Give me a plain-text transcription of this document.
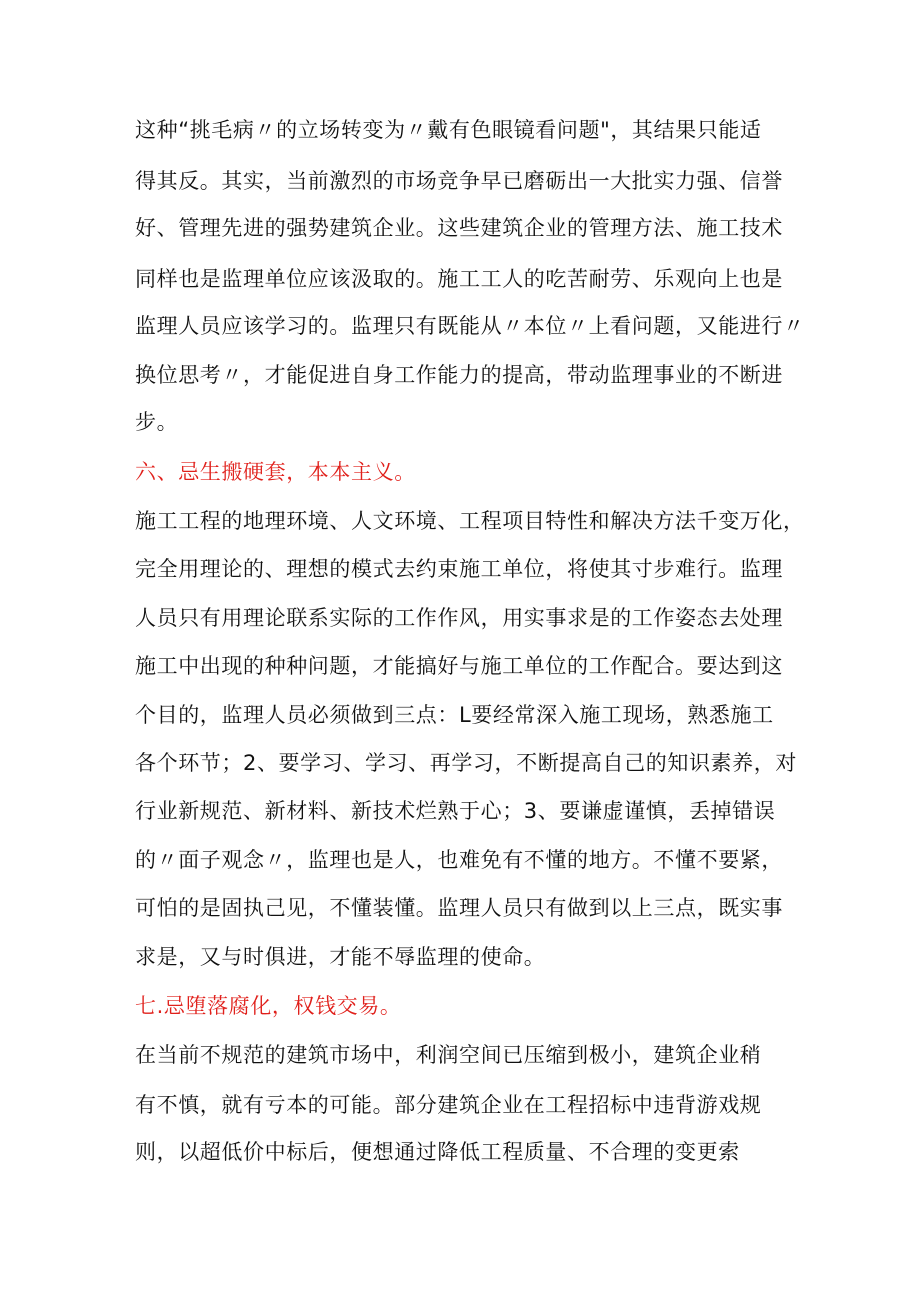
这种“挑毛病〃的立场转变为〃戴有色眼镜看问题"，其结果只能适
得其反。其实，当前激烈的市场竞争早已磨砺出一大批实力强、信誉
好、管理先进的强势建筑企业。这些建筑企业的管理方法、施工技术
同样也是监理单位应该汲取的。施工工人的吃苦耐劳、乐观向上也是
监理人员应该学习的。监理只有既能从〃本位〃上看问题，又能进行〃
换位思考〃，才能促进自身工作能力的提高，带动监理事业的不断进
步。
六、忌生搬硬套，本本主义。
施工工程的地理环境、人文环境、工程项目特性和解决方法千变万化，
完全用理论的、理想的模式去约束施工单位，将使其寸步难行。监理
人员只有用理论联系实际的工作作风，用实事求是的工作姿态去处理
施工中出现的种种问题，才能搞好与施工单位的工作配合。要达到这
个目的，监理人员必须做到三点：L要经常深入施工现场，熟悉施工
各个环节；2、要学习、学习、再学习，不断提高自己的知识素养，对
行业新规范、新材料、新技术烂熟于心；3、要谦虚谨慎，丢掉错误
的〃面子观念〃，监理也是人，也难免有不懂的地方。不懂不要紧，
可怕的是固执己见，不懂装懂。监理人员只有做到以上三点，既实事
求是，又与时俱进，才能不辱监理的使命。
七.忌堕落腐化，权钱交易。
在当前不规范的建筑市场中，利润空间已压缩到极小，建筑企业稍
有不慎，就有亏本的可能。部分建筑企业在工程招标中违背游戏规
则，以超低价中标后，便想通过降低工程质量、不合理的变更索
